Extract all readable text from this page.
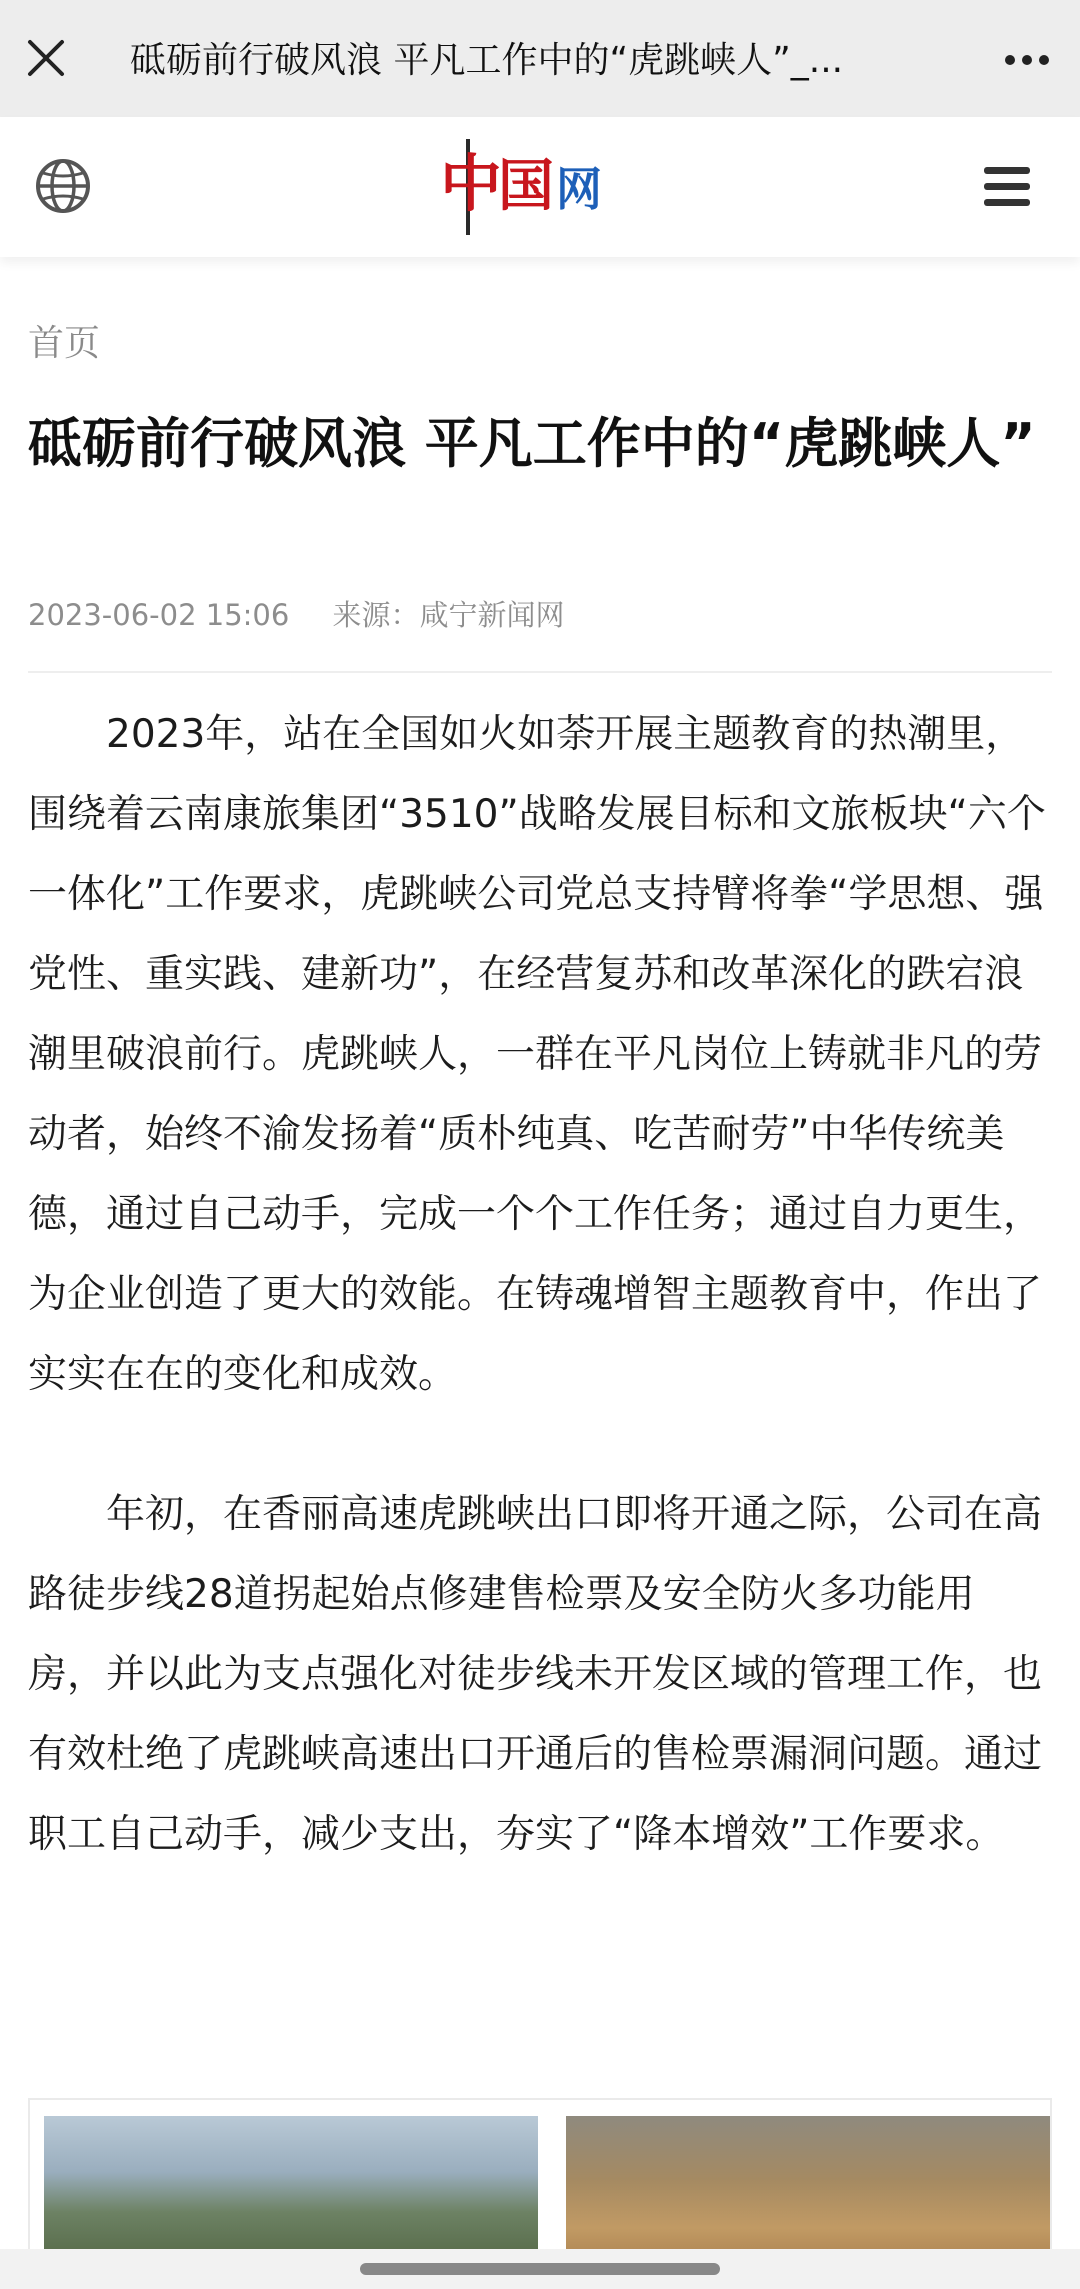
砥砺前行破风浪 平凡工作中的“虎跳峡人”_...
中
国 网
首页
砥砺前行破风浪 平凡工作中的“虎跳峡人”
2023-06-02 15:06 来源：咸宁新闻网

2023年，站在全国如火如荼开展主题教育的热潮里，围绕着云南康旅集团“3510”战略发展目标和文旅板块“六个一体化”工作要求，虎跳峡公司党总支持臂将拳“学思想、强党性、重实践、建新功”，在经营复苏和改革深化的跌宕浪潮里破浪前行。虎跳峡人，一群在平凡岗位上铸就非凡的劳动者，始终不渝发扬着“质朴纯真、吃苦耐劳”中华传统美德，通过自己动手，完成一个个工作任务；通过自力更生，为企业创造了更大的效能。在铸魂增智主题教育中，作出了实实在在的变化和成效。

年初，在香丽高速虎跳峡出口即将开通之际，公司在高路徒步线28道拐起始点修建售检票及安全防火多功能用房，并以此为支点强化对徒步线未开发区域的管理工作，也有效杜绝了虎跳峡高速出口开通后的售检票漏洞问题。通过职工自己动手，减少支出，夯实了“降本增效”工作要求。
